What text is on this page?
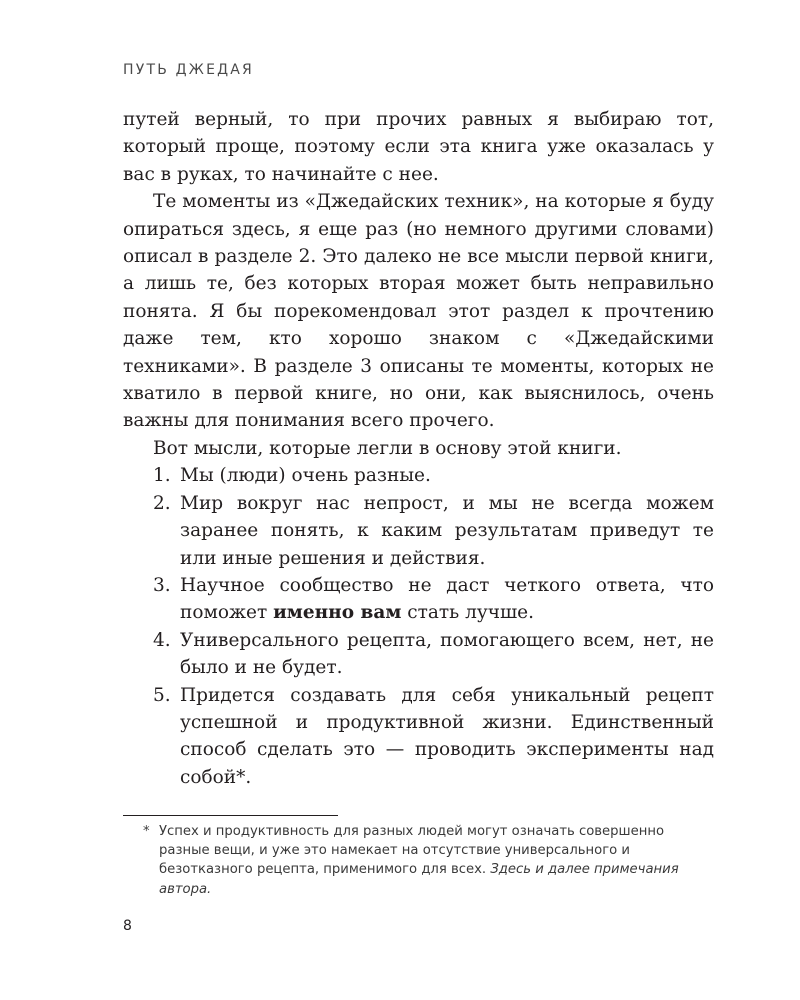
ПУТЬ ДЖЕДАЯ

путей верный, то при прочих равных я выбираю тот, который проще, поэтому если эта книга уже оказалась у вас в руках, то начинайте с нее.

Те моменты из «Джедайских техник», на которые я буду опираться здесь, я еще раз (но немного другими словами) описал в разделе 2. Это далеко не все мысли первой книги, а лишь те, без которых вторая может быть неправильно понята. Я бы порекомендовал этот раздел к прочтению даже тем, кто хорошо знаком с «Джедайскими техниками». В разделе 3 описаны те моменты, которых не хватило в первой книге, но они, как выяснилось, очень важны для понимания всего прочего.

Вот мысли, которые легли в основу этой книги.

1. Мы (люди) очень разные.
2. Мир вокруг нас непрост, и мы не всегда можем заранее понять, к каким результатам приведут те или иные решения и действия.
3. Научное сообщество не даст четкого ответа, что поможет именно вам стать лучше.
4. Универсального рецепта, помогающего всем, нет, не было и не будет.
5. Придется создавать для себя уникальный рецепт успешной и продуктивной жизни. Единственный способ сделать это — проводить эксперименты над собой*.
* Успех и продуктивность для разных людей могут означать совершенно разные вещи, и уже это намекает на отсутствие универсального и безотказного рецепта, применимого для всех. Здесь и далее примечания автора.
8
